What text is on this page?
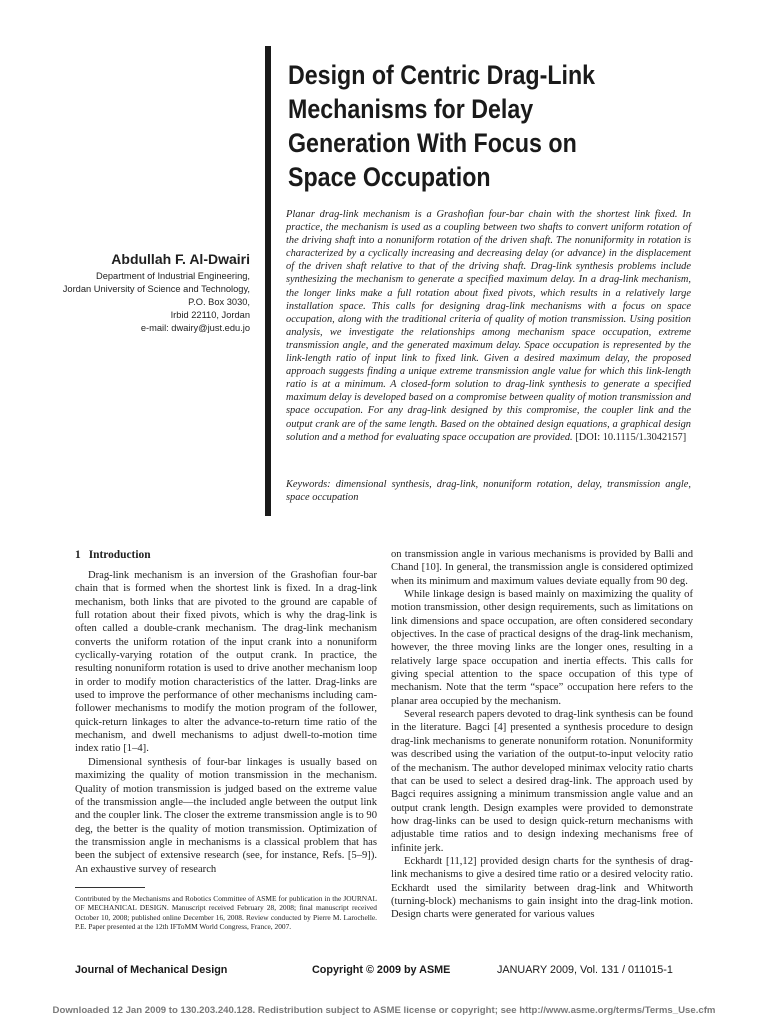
Design of Centric Drag-Link Mechanisms for Delay Generation With Focus on Space Occupation
Abdullah F. Al-Dwairi
Department of Industrial Engineering,
Jordan University of Science and Technology,
P.O. Box 3030,
Irbid 22110, Jordan
e-mail: dwairy@just.edu.jo
Planar drag-link mechanism is a Grashofian four-bar chain with the shortest link fixed. In practice, the mechanism is used as a coupling between two shafts to convert uniform rotation of the driving shaft into a nonuniform rotation of the driven shaft. The nonuniformity in rotation is characterized by a cyclically increasing and decreasing delay (or advance) in the displacement of the driven shaft relative to that of the driving shaft. Drag-link synthesis problems include synthesizing the mechanism to generate a specified maximum delay. In a drag-link mechanism, the longer links make a full rotation about fixed pivots, which results in a relatively large installation space. This calls for designing drag-link mechanisms with a focus on space occupation, along with the traditional criteria of quality of motion transmission. Using position analysis, we investigate the relationships among mechanism space occupation, extreme transmission angle, and the generated maximum delay. Space occupation is represented by the link-length ratio of input link to fixed link. Given a desired maximum delay, the proposed approach suggests finding a unique extreme transmission angle value for which this link-length ratio is at a minimum. A closed-form solution to drag-link synthesis to generate a specified maximum delay is developed based on a compromise between quality of motion transmission and space occupation. For any drag-link designed by this compromise, the coupler link and the output crank are of the same length. Based on the obtained design equations, a graphical design solution and a method for evaluating space occupation are provided. [DOI: 10.1115/1.3042157]
Keywords: dimensional synthesis, drag-link, nonuniform rotation, delay, transmission angle, space occupation
1 Introduction

Drag-link mechanism is an inversion of the Grashofian four-bar chain that is formed when the shortest link is fixed. In a drag-link mechanism, both links that are pivoted to the ground are capable of full rotation about their fixed pivots, which is why the drag-link is often called a double-crank mechanism. The drag-link mechanism converts the uniform rotation of the input crank into a nonuniform cyclically-varying rotation of the output crank. In practice, the resulting nonuniform rotation is used to drive another mechanism loop in order to modify motion characteristics of the latter. Drag-links are used to improve the performance of other mechanisms including cam-follower mechanisms to modify the motion program of the follower, quick-return linkages to alter the advance-to-return time ratio of the mechanism, and dwell mechanisms to adjust dwell-to-motion time index ratio [1–4].

Dimensional synthesis of four-bar linkages is usually based on maximizing the quality of motion transmission in the mechanism. Quality of motion transmission is judged based on the extreme value of the transmission angle—the included angle between the output link and the coupler link. The closer the extreme transmission angle is to 90 deg, the better is the quality of motion transmission. Optimization of the transmission angle in mechanisms is a classical problem that has been the subject of extensive research (see, for instance, Refs. [5–9]). An exhaustive survey of research

on transmission angle in various mechanisms is provided by Balli and Chand [10]. In general, the transmission angle is considered optimized when its minimum and maximum values deviate equally from 90 deg.

While linkage design is based mainly on maximizing the quality of motion transmission, other design requirements, such as limitations on link dimensions and space occupation, are often considered secondary objectives. In the case of practical designs of the drag-link mechanism, however, the three moving links are the longer ones, resulting in a relatively large space occupation and inertia effects. This calls for giving special attention to the space occupation of this type of mechanism. Note that the term “space” occupation here refers to the planar area occupied by the mechanism.

Several research papers devoted to drag-link synthesis can be found in the literature. Bagci [4] presented a synthesis procedure to design drag-link mechanisms to generate nonuniform rotation. Nonuniformity was described using the variation of the output-to-input velocity ratio of the mechanism. The author developed minimax velocity ratio charts that can be used to select a desired drag-link. The approach used by Bagci requires assigning a minimum transmission angle value and an output crank length. Design examples were provided to demonstrate how drag-links can be used to design quick-return mechanisms with adjustable time ratios and to design indexing mechanisms free of infinite jerk.

Eckhardt [11,12] provided design charts for the synthesis of drag-link mechanisms to give a desired time ratio or a desired velocity ratio. Eckhardt used the similarity between drag-link and Whitworth (turning-block) mechanisms to gain insight into the drag-link motion. Design charts were generated for various values

Contributed by the Mechanisms and Robotics Committee of ASME for publication in the JOURNAL OF MECHANICAL DESIGN. Manuscript received February 28, 2008; final manuscript received October 10, 2008; published online December 16, 2008. Review conducted by Pierre M. Larochelle. P.E. Paper presented at the 12th IFToMM World Congress, France, 2007.
Journal of Mechanical Design	Copyright © 2009 by ASME	JANUARY 2009, Vol. 131 / 011015-1
Downloaded 12 Jan 2009 to 130.203.240.128. Redistribution subject to ASME license or copyright; see http://www.asme.org/terms/Terms_Use.cfm
